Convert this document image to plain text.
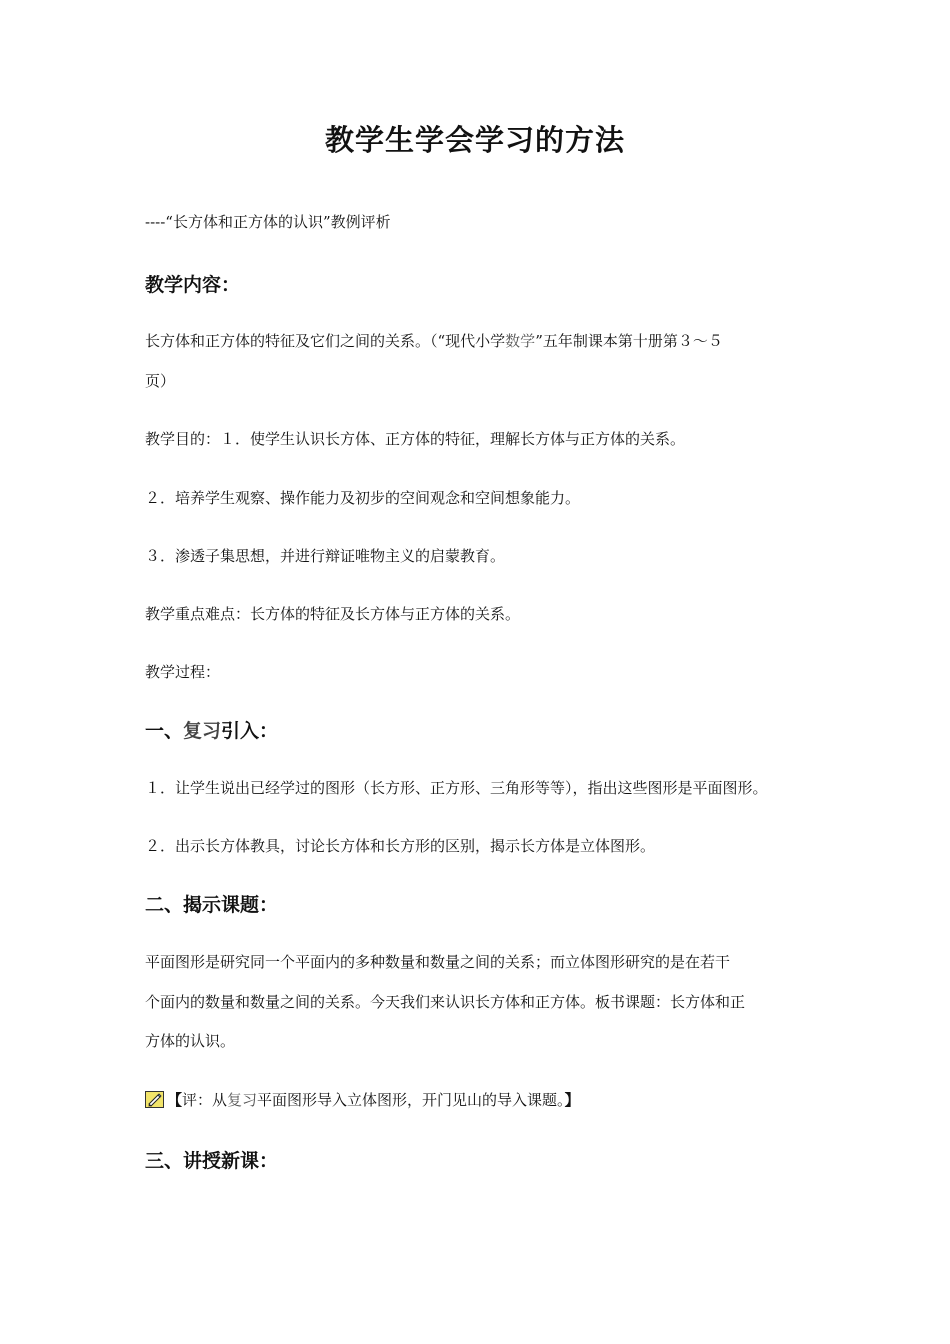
教学生学会学习的方法
----“长方体和正方体的认识”教例评析
教学内容：
长方体和正方体的特征及它们之间的关系。（“现代小学数学”五年制课本第十册第３～５
页）
教学目的：１．使学生认识长方体、正方体的特征，理解长方体与正方体的关系。
２．培养学生观察、操作能力及初步的空间观念和空间想象能力。
３．渗透子集思想，并进行辩证唯物主义的启蒙教育。
教学重点难点：长方体的特征及长方体与正方体的关系。
教学过程：
一、复习引入：
１．让学生说出已经学过的图形（长方形、正方形、三角形等等），指出这些图形是平面图形。
２．出示长方体教具，讨论长方体和长方形的区别，揭示长方体是立体图形。
二、揭示课题：
平面图形是研究同一个平面内的多种数量和数量之间的关系；而立体图形研究的是在若干
个面内的数量和数量之间的关系。今天我们来认识长方体和正方体。板书课题：长方体和正
方体的认识。
【评：从复习平面图形导入立体图形，开门见山的导入课题。】
三、讲授新课：
